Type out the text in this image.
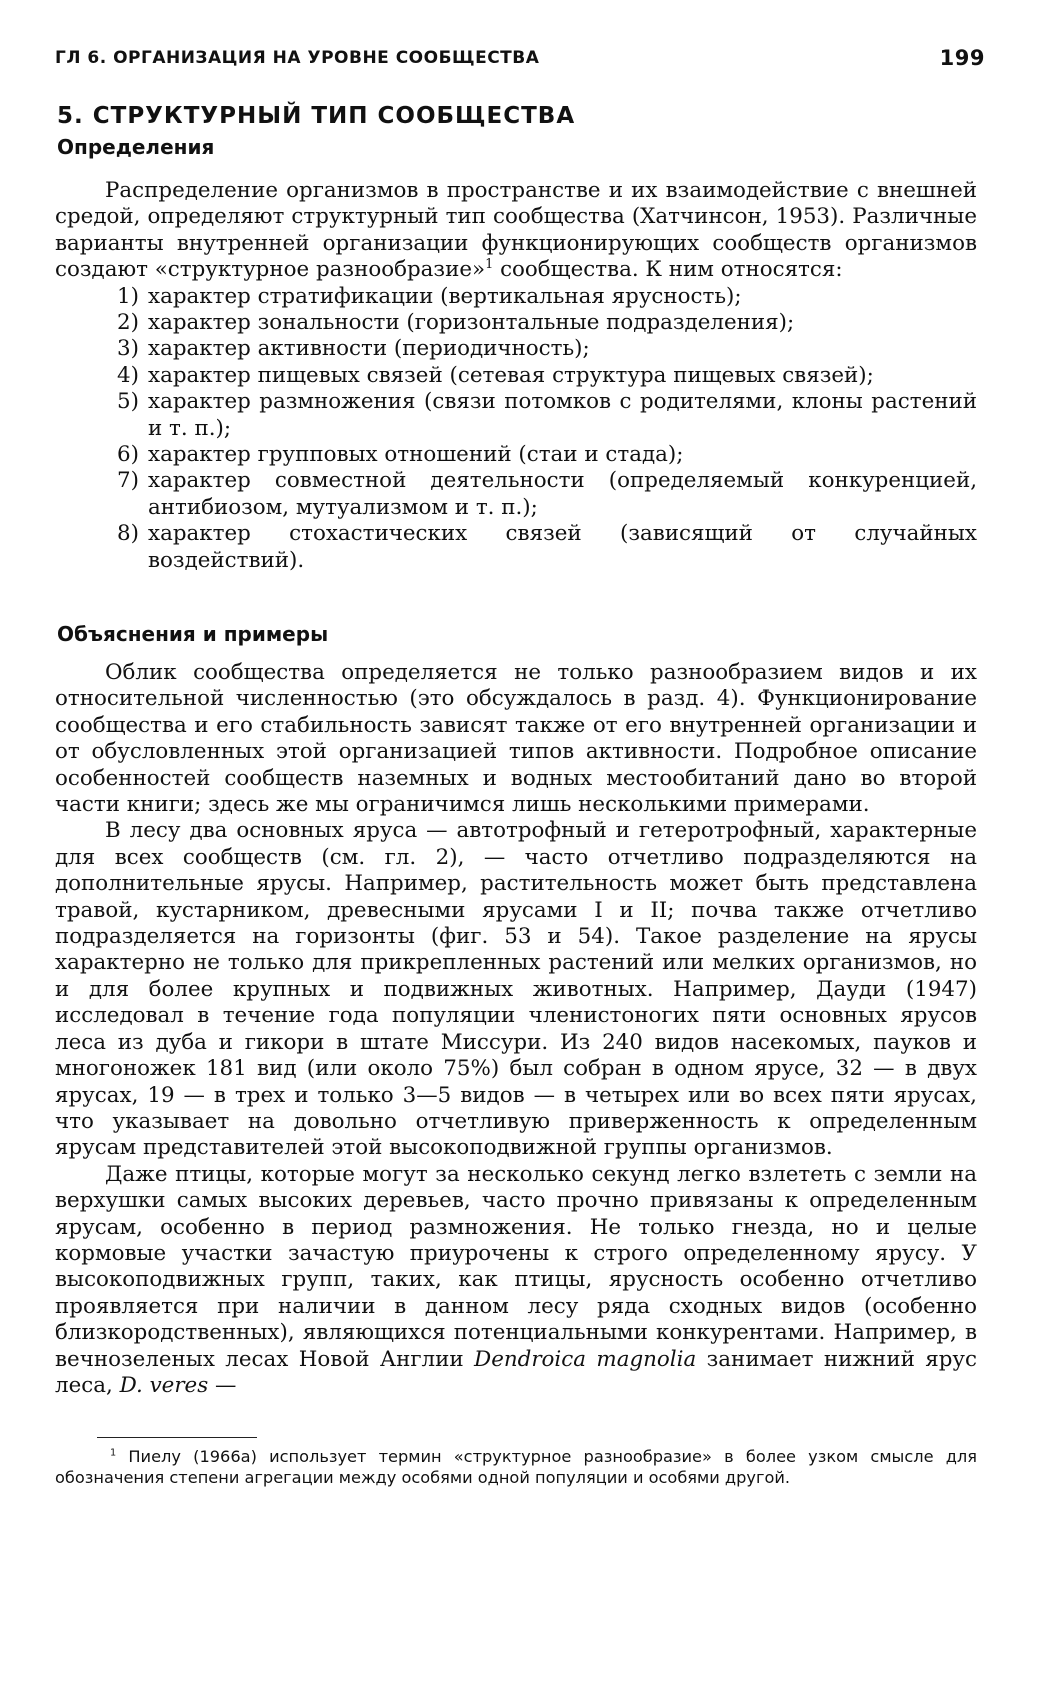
ГЛ 6. ОРГАНИЗАЦИЯ НА УРОВНЕ СООБЩЕСТВА	199
5. СТРУКТУРНЫЙ ТИП СООБЩЕСТВА
Определения

Распределение организмов в пространстве и их взаимодействие с внешней средой, определяют структурный тип сообщества (Хатчинсон, 1953). Различные варианты внутренней организации функционирующих сообществ организмов создают «структурное разнообразие»$^1$ сообщества. К ним относятся:

1) характер стратификации (вертикальная ярусность);
2) характер зональности (горизонтальные подразделения);
3) характер активности (периодичность);
4) характер пищевых связей (сетевая структура пищевых связей);
5) характер размножения (связи потомков с родителями, клоны растений и т. п.);
6) характер групповых отношений (стаи и стада);
7) характер совместной деятельности (определяемый конкуренцией, антибиозом, мутуализмом и т. п.);
8) характер стохастических связей (зависящий от случайных воздействий).
Объяснения и примеры

Облик сообщества определяется не только разнообразием видов и их относительной численностью (это обсуждалось в разд. 4). Функционирование сообщества и его стабильность зависят также от его внутренней организации и от обусловленных этой организацией типов активности. Подробное описание особенностей сообществ наземных и водных местообитаний дано во второй части книги; здесь же мы ограничимся лишь несколькими примерами.

В лесу два основных яруса — автотрофный и гетеротрофный, характерные для всех сообществ (см. гл. 2), — часто отчетливо подразделяются на дополнительные ярусы. Например, растительность может быть представлена травой, кустарником, древесными ярусами I и II; почва также отчетливо подразделяется на горизонты (фиг. 53 и 54). Такое разделение на ярусы характерно не только для прикрепленных растений или мелких организмов, но и для более крупных и подвижных животных. Например, Дауди (1947) исследовал в течение года популяции членистоногих пяти основных ярусов леса из дуба и гикори в штате Миссури. Из 240 видов насекомых, пауков и многоножек 181 вид (или около 75%) был собран в одном ярусе, 32 — в двух ярусах, 19 — в трех и только 3—5 видов — в четырех или во всех пяти ярусах, что указывает на довольно отчетливую приверженность к определенным ярусам представителей этой высокоподвижной группы организмов.

Даже птицы, которые могут за несколько секунд легко взлететь с земли на верхушки самых высоких деревьев, часто прочно привязаны к определенным ярусам, особенно в период размножения. Не только гнезда, но и целые кормовые участки зачастую приурочены к строго определенному ярусу. У высокоподвижных групп, таких, как птицы, ярусность особенно отчетливо проявляется при наличии в данном лесу ряда сходных видов (особенно близкородственных), являющихся потенциальными конкурентами. Например, в вечнозеленых лесах Новой Англии Dendroica magnolia занимает нижний ярус леса, D. veres —

$^1$ Пиелу (1966а) использует термин «структурное разнообразие» в более узком смысле для обозначения степени агрегации между особями одной популяции и особями другой.
